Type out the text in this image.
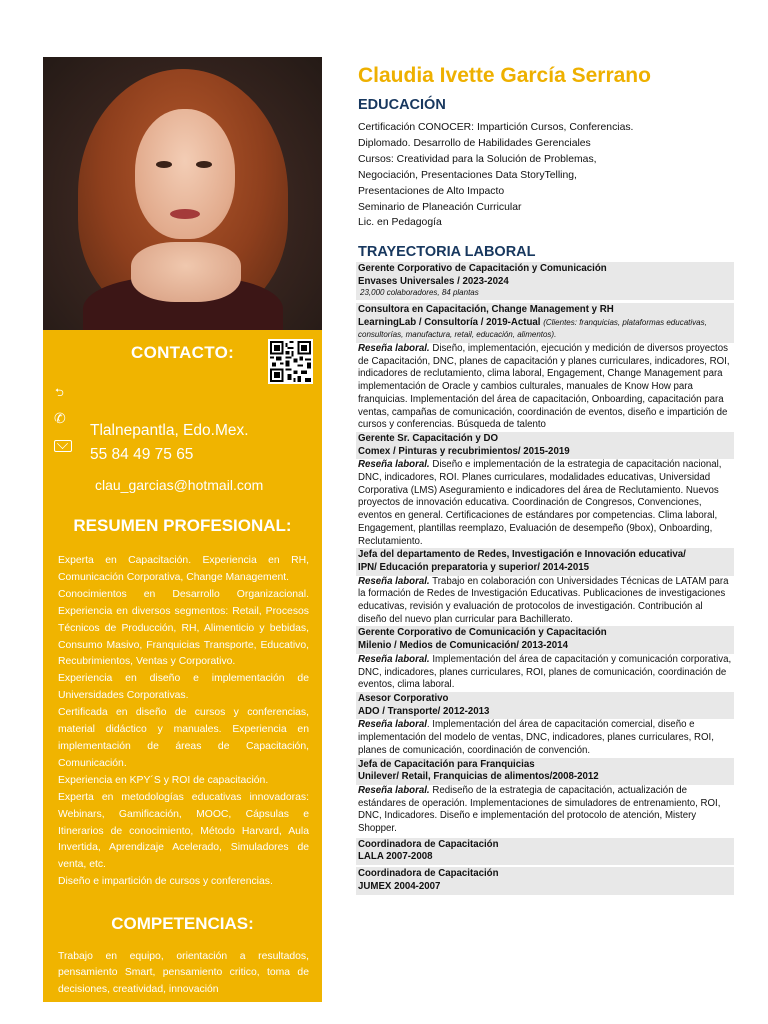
CONTACTO:
⮌
✆
Tlalnepantla, Edo.Mex.
55 84 49 75 65
clau_garcias@hotmail.com
RESUMEN PROFESIONAL:

Experta en Capacitación. Experiencia en RH, Comunicación Corporativa, Change Management.

Conocimientos en Desarrollo Organizacional. Experiencia en diversos segmentos: Retail, Procesos Técnicos de Producción, RH, Alimenticio y bebidas, Consumo Masivo, Franquicias Transporte, Educativo, Recubrimientos, Ventas y Corporativo.

Experiencia en diseño e implementación de Universidades Corporativas.

Certificada en diseño de cursos y conferencias, material didáctico y manuales. Experiencia en implementación de áreas de Capacitación, Comunicación.

Experiencia en KPY´S y ROI de capacitación.

Experta en metodologías educativas innovadoras: Webinars, Gamificación, MOOC, Cápsulas e Itinerarios de conocimiento, Método Harvard, Aula Invertida, Aprendizaje Acelerado, Simuladores de venta, etc.

Diseño e impartición de cursos y conferencias.

COMPETENCIAS:
Trabajo en equipo, orientación a resultados, pensamiento Smart, pensamiento critico, toma de decisiones, creatividad, innovación
Claudia Ivette García Serrano
EDUCACIÓN
Certificación CONOCER: Impartición Cursos, Conferencias.
Diplomado. Desarrollo de Habilidades Gerenciales
Cursos: Creatividad para la Solución de Problemas,
Negociación, Presentaciones Data StoryTelling,
Presentaciones de Alto Impacto
Seminario de Planeación Curricular
Lic. en Pedagogía
TRAYECTORIA LABORAL
Gerente Corporativo de Capacitación y Comunicación
Envases Universales / 2023-2024
23,000 colaboradores, 84 plantas
Consultora en Capacitación, Change Management y RH
LearningLab / Consultoría / 2019-Actual (Clientes: franquicias, plataformas educativas, consultorías, manufactura, retail, educación, alimentos).
Reseña laboral. Diseño, implementación, ejecución y medición de diversos proyectos de Capacitación, DNC, planes de capacitación y planes curriculares, indicadores, ROI, indicadores de reclutamiento, clima laboral, Engagement, Change Management para implementación de Oracle y cambios culturales, manuales de Know How para franquicias. Implementación del área de capacitación, Onboarding, capacitación para ventas, campañas de comunicación, coordinación de eventos, diseño e impartición de cursos y conferencias. Búsqueda de talento
Gerente Sr. Capacitación y DO
Comex / Pinturas y recubrimientos/ 2015-2019
Reseña laboral. Diseño e implementación de la estrategia de capacitación nacional, DNC, indicadores, ROI. Planes curriculares, modalidades educativas, Universidad Corporativa (LMS) Aseguramiento e indicadores del área de Reclutamiento. Nuevos proyectos de innovación educativa. Coordinación de Congresos, Convenciones, eventos en general. Certificaciones de estándares por competencias. Clima laboral, Engagement, plantillas reemplazo, Evaluación de desempeño (9box), Onboarding, Reclutamiento.
Jefa del departamento de Redes, Investigación e Innovación educativa/
IPN/ Educación preparatoria y superior/ 2014-2015
Reseña laboral. Trabajo en colaboración con Universidades Técnicas de LATAM para la formación de Redes de Investigación Educativas. Publicaciones de investigaciones educativas, revisión y evaluación de protocolos de investigación. Contribución al diseño del nuevo plan curricular para Bachillerato.
Gerente Corporativo de Comunicación y Capacitación
Milenio / Medios de Comunicación/ 2013-2014
Reseña laboral. Implementación del área de capacitación y comunicación corporativa, DNC, indicadores, planes curriculares, ROI, planes de comunicación, coordinación de eventos, clima laboral.
Asesor Corporativo
ADO / Transporte/ 2012-2013
Reseña laboral. Implementación del área de capacitación comercial, diseño e implementación del modelo de ventas, DNC, indicadores, planes curriculares, ROI, planes de comunicación, coordinación de convención.
Jefa de Capacitación para Franquicias
Unilever/ Retail, Franquicias de alimentos/2008-2012
Reseña laboral. Rediseño de la estrategia de capacitación, actualización de estándares de operación. Implementaciones de simuladores de entrenamiento, ROI, DNC, Indicadores. Diseño e implementación del protocolo de atención, Mistery Shopper.
Coordinadora de Capacitación
LALA 2007-2008
Coordinadora de Capacitación
JUMEX 2004-2007
